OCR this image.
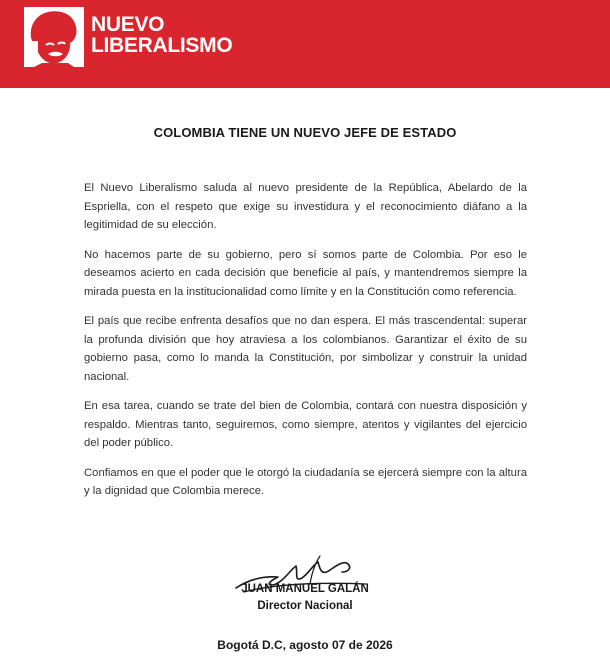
NUEVO
LIBERALISMO
COLOMBIA TIENE UN NUEVO JEFE DE ESTADO

El Nuevo Liberalismo saluda al nuevo presidente de la República, Abelardo de la Espriella, con el respeto que exige su investidura y el reconocimiento diáfano a la legitimidad de su elección.

No hacemos parte de su gobierno, pero sí somos parte de Colombia. Por eso le deseamos acierto en cada decisión que beneficie al país, y mantendremos siempre la mirada puesta en la institucionalidad como límite y en la Constitución como referencia.

El país que recibe enfrenta desafíos que no dan espera. El más trascendental: superar la profunda división que hoy atraviesa a los colombianos. Garantizar el éxito de su gobierno pasa, como lo manda la Constitución, por simbolizar y construir la unidad nacional.

En esa tarea, cuando se trate del bien de Colombia, contará con nuestra disposición y respaldo. Mientras tanto, seguiremos, como siempre, atentos y vigilantes del ejercicio del poder público.

Confiamos en que el poder que le otorgó la ciudadanía se ejercerá siempre con la altura y la dignidad que Colombia merece.

JUAN MANUEL GALÁN
Director Nacional
Bogotá D.C, agosto 07 de 2026
